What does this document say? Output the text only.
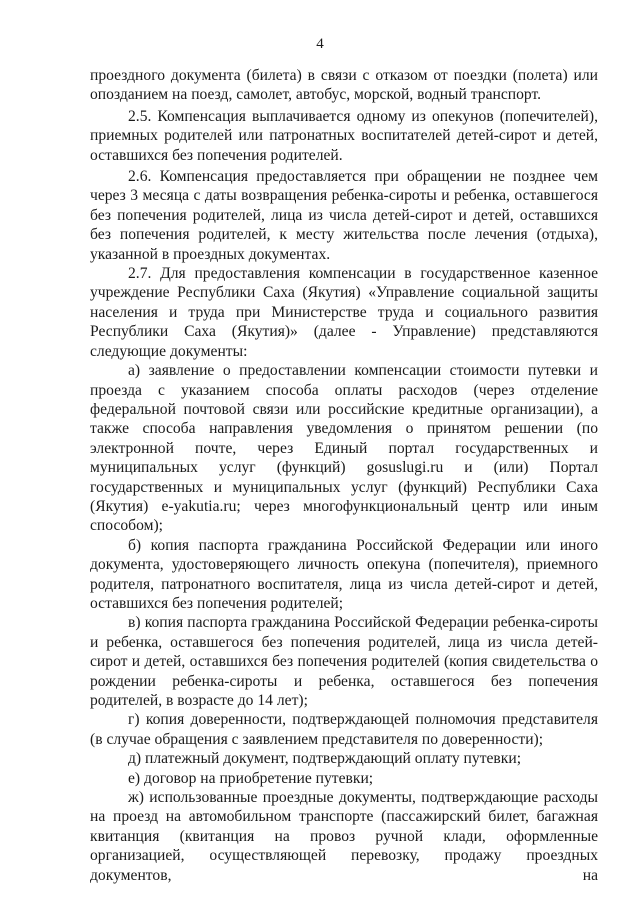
4

проездного документа (билета) в связи с отказом от поездки (полета) или опозданием на поезд, самолет, автобус, морской, водный транспорт.

2.5. Компенсация выплачивается одному из опекунов (попечителей), приемных родителей или патронатных воспитателей детей-сирот и детей, оставшихся без попечения родителей.

2.6. Компенсация предоставляется при обращении не позднее чем через 3 месяца с даты возвращения ребенка-сироты и ребенка, оставшегося без попечения родителей, лица из числа детей-сирот и детей, оставшихся без попечения родителей, к месту жительства после лечения (отдыха), указанной в проездных документах.

2.7. Для предоставления компенсации в государственное казенное учреждение Республики Саха (Якутия) «Управление социальной защиты населения и труда при Министерстве труда и социального развития Республики Саха (Якутия)» (далее - Управление) представляются следующие документы:

а) заявление о предоставлении компенсации стоимости путевки и проезда с указанием способа оплаты расходов (через отделение федеральной почтовой связи или российские кредитные организации), а также способа направления уведомления о принятом решении (по электронной почте, через Единый портал государственных и муниципальных услуг (функций) gosuslugi.ru и (или) Портал государственных и муниципальных услуг (функций) Республики Саха (Якутия) e-yakutia.ru; через многофункциональный центр или иным способом);

б) копия паспорта гражданина Российской Федерации или иного документа, удостоверяющего личность опекуна (попечителя), приемного родителя, патронатного воспитателя, лица из числа детей-сирот и детей, оставшихся без попечения родителей;

в) копия паспорта гражданина Российской Федерации ребенка-сироты и ребенка, оставшегося без попечения родителей, лица из числа детей-сирот и детей, оставшихся без попечения родителей (копия свидетельства о рождении ребенка-сироты и ребенка, оставшегося без попечения родителей, в возрасте до 14 лет);

г) копия доверенности, подтверждающей полномочия представителя (в случае обращения с заявлением представителя по доверенности);

д) платежный документ, подтверждающий оплату путевки;

е) договор на приобретение путевки;

ж) использованные проездные документы, подтверждающие расходы на проезд на автомобильном транспорте (пассажирский билет, багажная квитанция (квитанция на провоз ручной клади, оформленные организацией, осуществляющей перевозку, продажу проездных документов, на
